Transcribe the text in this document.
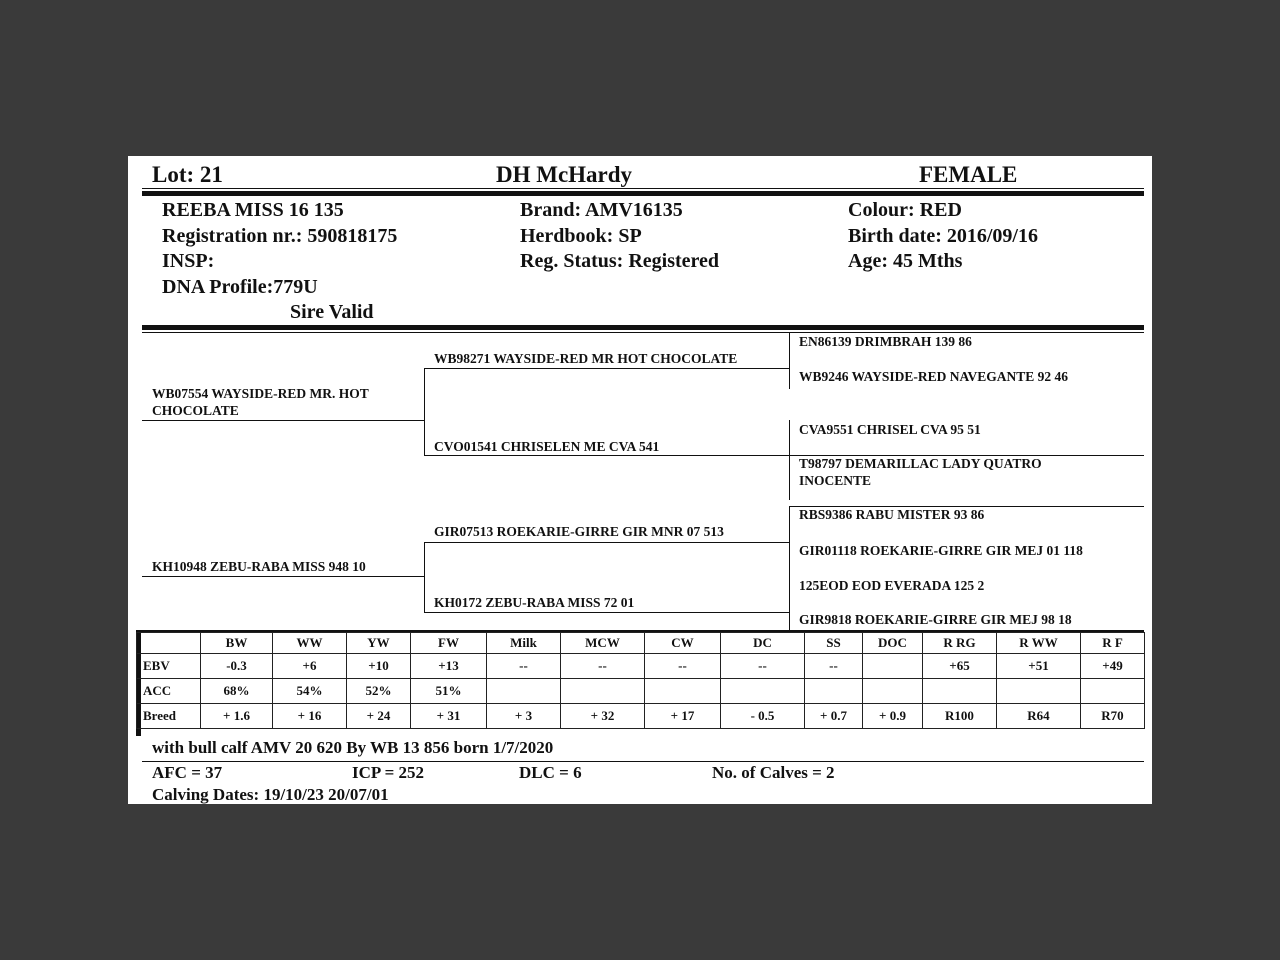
Lot: 21	DH McHardy	FEMALE
REEBA MISS 16 135
Registration nr.: 590818175
INSP:
DNA Profile:779U
Sire Valid
Brand: AMV16135
Herdbook: SP
Reg. Status: Registered
Colour: RED
Birth date: 2016/09/16
Age: 45 Mths
WB07554 WAYSIDE-RED MR. HOT
CHOCOLATE
KH10948 ZEBU-RABA MISS 948 10
WB98271 WAYSIDE-RED MR HOT CHOCOLATE
CVO01541 CHRISELEN ME CVA 541
GIR07513 ROEKARIE-GIRRE GIR MNR 07 513
KH0172 ZEBU-RABA MISS 72 01
EN86139 DRIMBRAH 139 86
WB9246 WAYSIDE-RED NAVEGANTE 92 46
CVA9551 CHRISEL CVA 95 51
T98797 DEMARILLAC LADY QUATRO
INOCENTE
RBS9386 RABU MISTER 93 86
GIR01118 ROEKARIE-GIRRE GIR MEJ 01 118
125EOD EOD EVERADA 125 2
GIR9818 ROEKARIE-GIRRE GIR MEJ 98 18
	BW	WW	YW	FW	Milk	MCW	CW	DC	SS	DOC	R RG	R WW	R F
EBV	-0.3	+6	+10	+13	--	--	--	--	--		+65	+51	+49
ACC	68%	54%	52%	51%									
Breed	+ 1.6	+ 16	+ 24	+ 31	+ 3	+ 32	+ 17	- 0.5	+ 0.7	+ 0.9	R100	R64	R70
with bull calf AMV 20 620 By WB 13 856 born 1/7/2020
AFC = 37	ICP = 252	DLC = 6	No. of Calves = 2
Calving Dates: 19/10/23 20/07/01
